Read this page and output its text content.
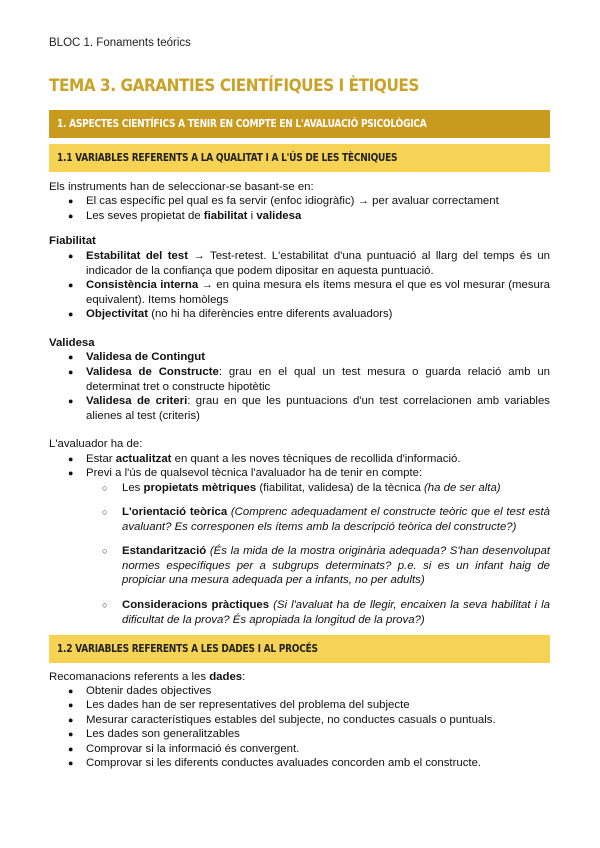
BLOC 1. Fonaments teórics
TEMA 3. GARANTIES CIENTÍFIQUES I ÈTIQUES
1. ASPECTES CIENTÍFICS A TENIR EN COMPTE EN L'AVALUACIÓ PSICOLÒGICA
1.1 VARIABLES REFERENTS A LA QUALITAT I A L'ÚS DE LES TÈCNIQUES
Els instruments han de seleccionar-se basant-se en:
● El cas específic pel qual es fa servir (enfoc idiogràfic) → per avaluar correctament
● Les seves propietat de fiabilitat i validesa
Fiabilitat
● Estabilitat del test → Test-retest. L'estabilitat d'una puntuació al llarg del temps és un indicador de la confiança que podem dipositar en aquesta puntuació.
● Consistència interna → en quina mesura els ítems mesura el que es vol mesurar (mesura equivalent). Items homòlegs
● Objectivitat (no hi ha diferències entre diferents avaluadors)
Validesa
● Validesa de Contingut
● Validesa de Constructe: grau en el qual un test mesura o guarda relació amb un determinat tret o constructe hipotètic
● Validesa de criteri: grau en que les puntuacions d'un test correlacionen amb variables alienes al test (criteris)
L'avaluador ha de:
● Estar actualitzat en quant a les noves tècniques de recollida d'informació.
● Previ a l'ús de qualsevol tècnica l'avaluador ha de tenir en compte:
○ Les propietats mètriques (fiabilitat, validesa) de la tècnica (ha de ser alta)
○ L'orientació teòrica (Comprenc adequadament el constructe teòric que el test està avaluant? Es corresponen els ítems amb la descripció teòrica del constructe?)
○ Estandarització (És la mida de la mostra originària adequada? S'han desenvolupat normes específiques per a subgrups determinats? p.e. si es un infant haig de propiciar una mesura adequada per a infants, no per adults)
○ Consideracions pràctiques (Si l'avaluat ha de llegir, encaixen la seva habilitat i la dificultat de la prova? És apropiada la longitud de la prova?)
1.2 VARIABLES REFERENTS A LES DADES I AL PROCÉS
Recomanacions referents a les dades:
● Obtenir dades objectives
● Les dades han de ser representatives del problema del subjecte
● Mesurar característiques estables del subjecte, no conductes casuals o puntuals.
● Les dades son generalitzables
● Comprovar si la informació és convergent.
● Comprovar si les diferents conductes avaluades concorden amb el constructe.
